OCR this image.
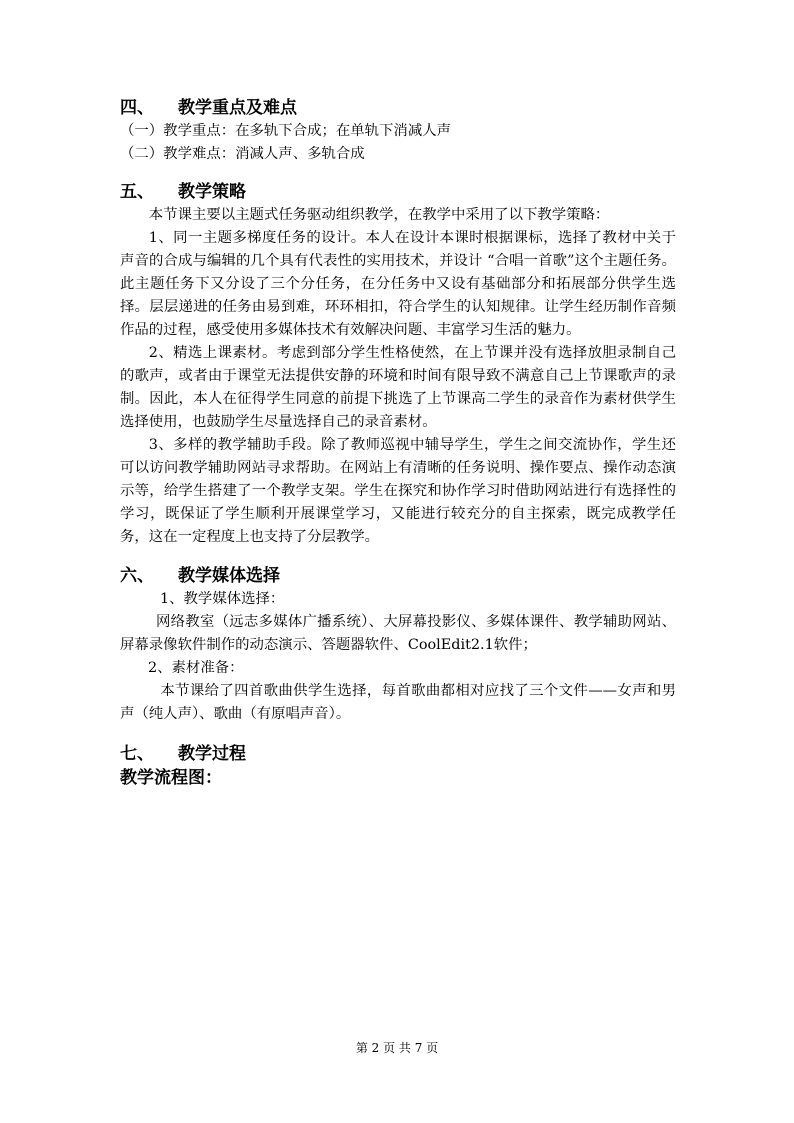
四、 教学重点及难点
（一）教学重点：在多轨下合成；在单轨下消减人声
（二）教学难点：消减人声、多轨合成
五、 教学策略

本节课主要以主题式任务驱动组织教学，在教学中采用了以下教学策略：

1、同一主题多梯度任务的设计。本人在设计本课时根据课标，选择了教材中关于声音的合成与编辑的几个具有代表性的实用技术，并设计 “合唱一首歌”这个主题任务。此主题任务下又分设了三个分任务，在分任务中又设有基础部分和拓展部分供学生选择。层层递进的任务由易到难，环环相扣，符合学生的认知规律。让学生经历制作音频作品的过程，感受使用多媒体技术有效解决问题、丰富学习生活的魅力。

2、精选上课素材。考虑到部分学生性格使然，在上节课并没有选择放胆录制自己的歌声，或者由于课堂无法提供安静的环境和时间有限导致不满意自己上节课歌声的录制。因此，本人在征得学生同意的前提下挑选了上节课高二学生的录音作为素材供学生选择使用，也鼓励学生尽量选择自己的录音素材。

3、多样的教学辅助手段。除了教师巡视中辅导学生，学生之间交流协作，学生还可以访问教学辅助网站寻求帮助。在网站上有清晰的任务说明、操作要点、操作动态演示等，给学生搭建了一个教学支架。学生在探究和协作学习时借助网站进行有选择性的学习，既保证了学生顺利开展课堂学习，又能进行较充分的自主探索，既完成教学任务，这在一定程度上也支持了分层教学。

六、 教学媒体选择
1、教学媒体选择：

网络教室（远志多媒体广播系统）、大屏幕投影仪、多媒体课件、教学辅助网站、屏幕录像软件制作的动态演示、答题器软件、CoolEdit2.1软件；

2、素材准备：

本节课给了四首歌曲供学生选择，每首歌曲都相对应找了三个文件——女声和男声（纯人声）、歌曲（有原唱声音）。

七、 教学过程
教学流程图：
第 2 页 共 7 页
